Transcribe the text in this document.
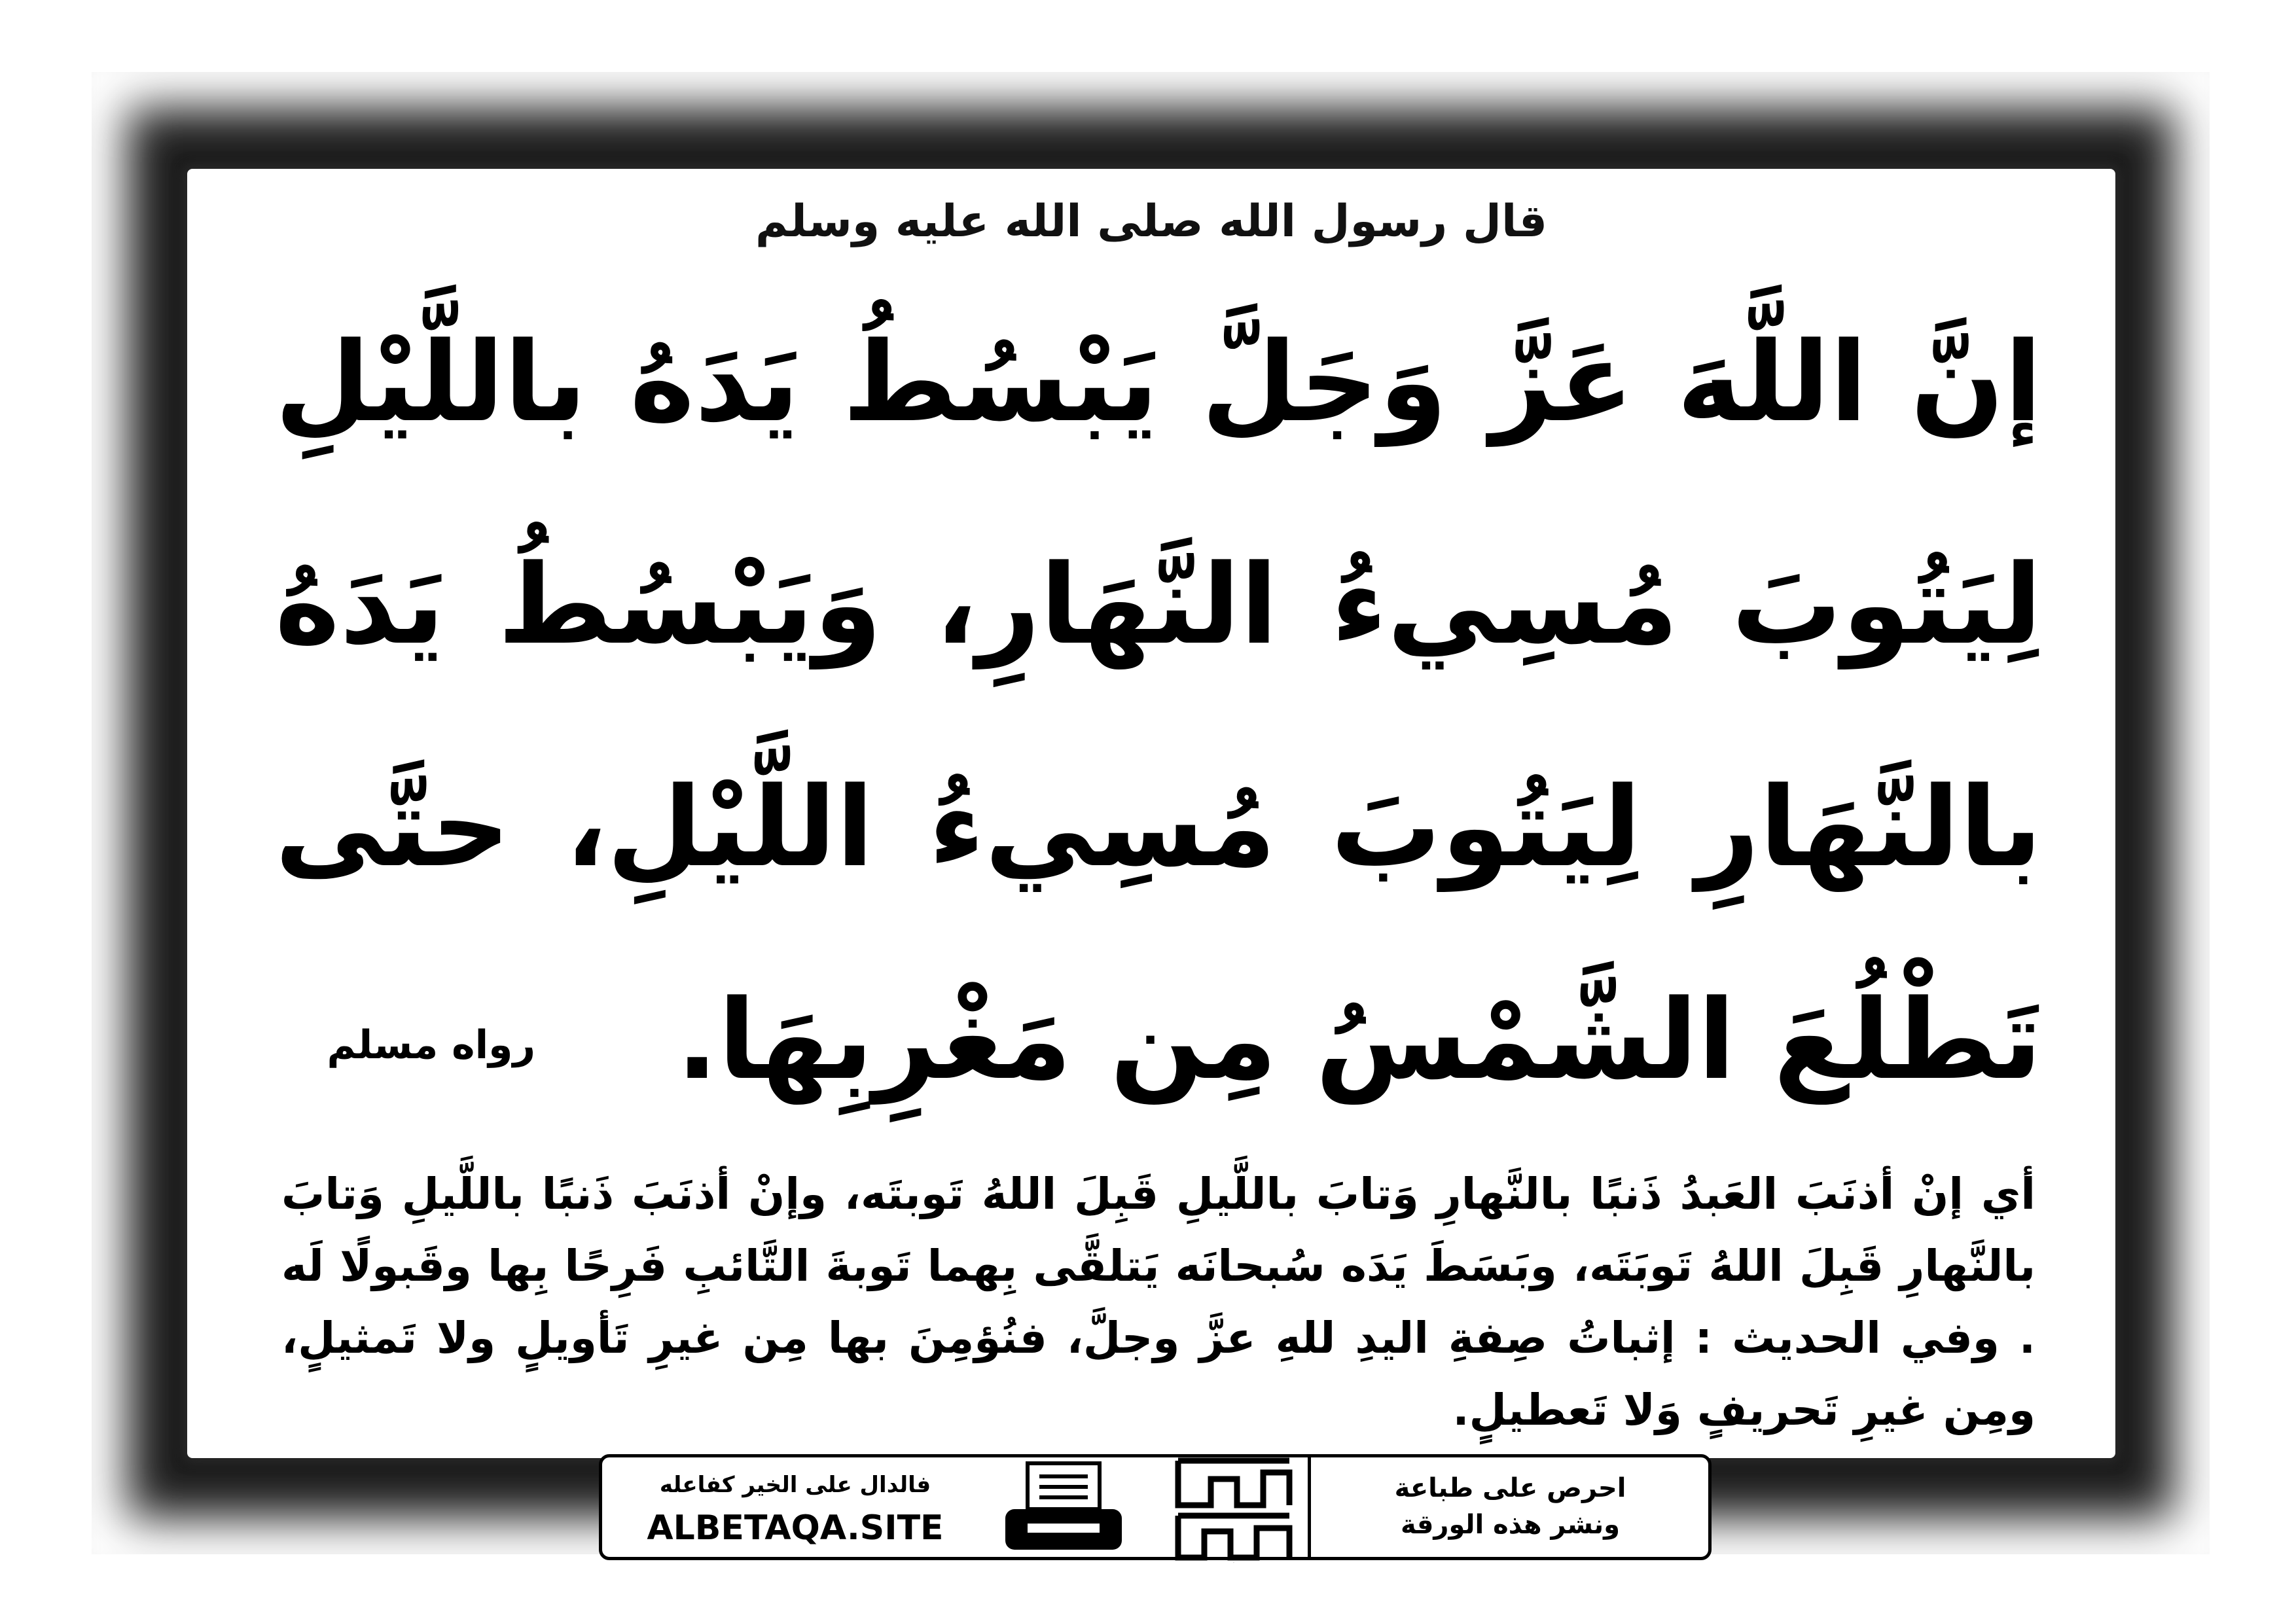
قال رسول الله صلى الله عليه وسلم
إنَّ اللَّهَ عَزَّ وَجَلَّ يَبْسُطُ يَدَهُ باللَّيْلِ
لِيَتُوبَ مُسِيءُ النَّهَارِ، وَيَبْسُطُ يَدَهُ
بالنَّهَارِ لِيَتُوبَ مُسِيءُ اللَّيْلِ، حتَّى
تَطْلُعَ الشَّمْسُ مِن مَغْرِبِهَا.
رواه مسلم
أي إنْ أذنَبَ العَبدُ ذَنبًا بالنَّهارِ وَتابَ باللَّيلِ قَبِلَ اللهُ تَوبتَه، وإنْ أذنَبَ ذَنبًا باللَّيلِ وَتابَ بالنَّهارِ قَبِلَ اللهُ تَوبَتَه، وبَسَطَ يَدَه سُبحانَه يَتلقَّى بِهما تَوبةَ التَّائبِ فَرِحًا بِها وقَبولًا لَه . وفي الحديث : إثباتُ صِفةِ اليدِ للهِ عزَّ وجلَّ، فنُؤمِنَ بها مِن غيرِ تَأويلٍ ولا تَمثيلٍ، ومِن غيرِ تَحريفٍ وَلا تَعطيلٍ.
فالدال على الخير كفاعله
ALBETAQA.SITE
دعوة
احرص على طباعة
ونشر هذه الورقة
